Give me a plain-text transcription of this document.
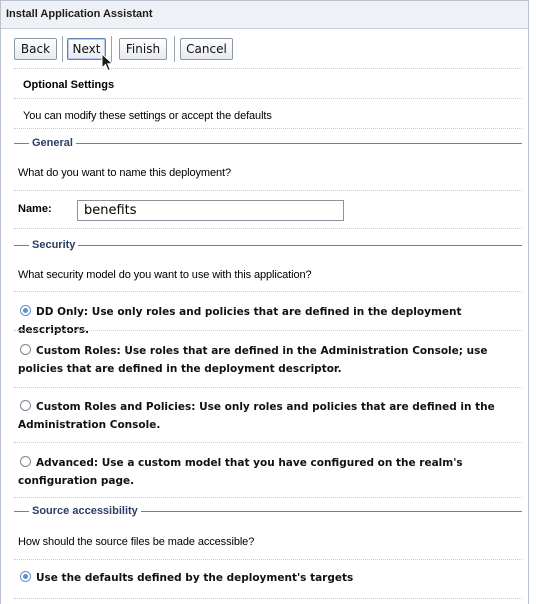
Install Application Assistant
Back	Next	Finish	Cancel
Optional Settings
You can modify these settings or accept the defaults
General
What do you want to name this deployment?
Name:
benefits
Security
What security model do you want to use with this application?
DD Only: Use only roles and policies that are defined in the deployment descriptors.
Custom Roles: Use roles that are defined in the Administration Console; use policies that are defined in the deployment descriptor.
Custom Roles and Policies: Use only roles and policies that are defined in the Administration Console.
Advanced: Use a custom model that you have configured on the realm's configuration page.
Source accessibility
How should the source files be made accessible?
Use the defaults defined by the deployment's targets
